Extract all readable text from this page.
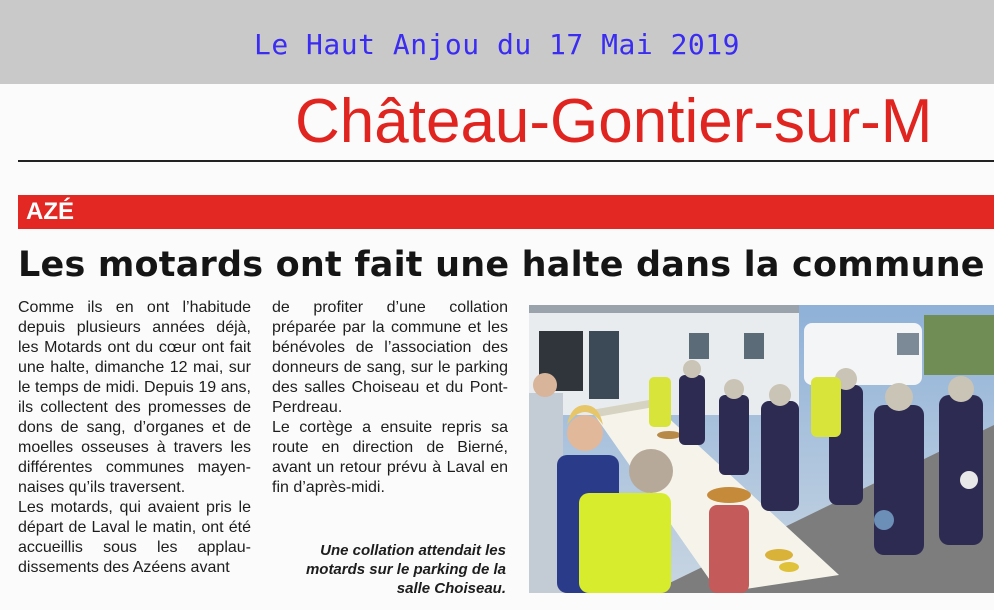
Le Haut Anjou du 17 Mai 2019
Château-Gontier-sur-M
AZÉ
Les motards ont fait une halte dans la commune

Comme ils en ont l’habitude depuis plusieurs années déjà, les Motards ont du cœur ont fait une halte, dimanche 12 mai, sur le temps de midi. Depuis 19 ans, ils collectent des promesses de dons de sang, d’organes et de moelles osseuses à travers les différentes communes mayennaises qu’ils traversent.

Les motards, qui avaient pris le départ de Laval le matin, ont été accueillis sous les applaudissements des Azéens avant

de profiter d’une collation préparée par la commune et les bénévoles de l’association des donneurs de sang, sur le parking des salles Choiseau et du Pont-Perdreau.

Le cortège a ensuite repris sa route en direction de Bierné, avant un retour prévu à Laval en fin d’après-midi.

Une collation attendait les motards sur le parking de la salle Choiseau.
